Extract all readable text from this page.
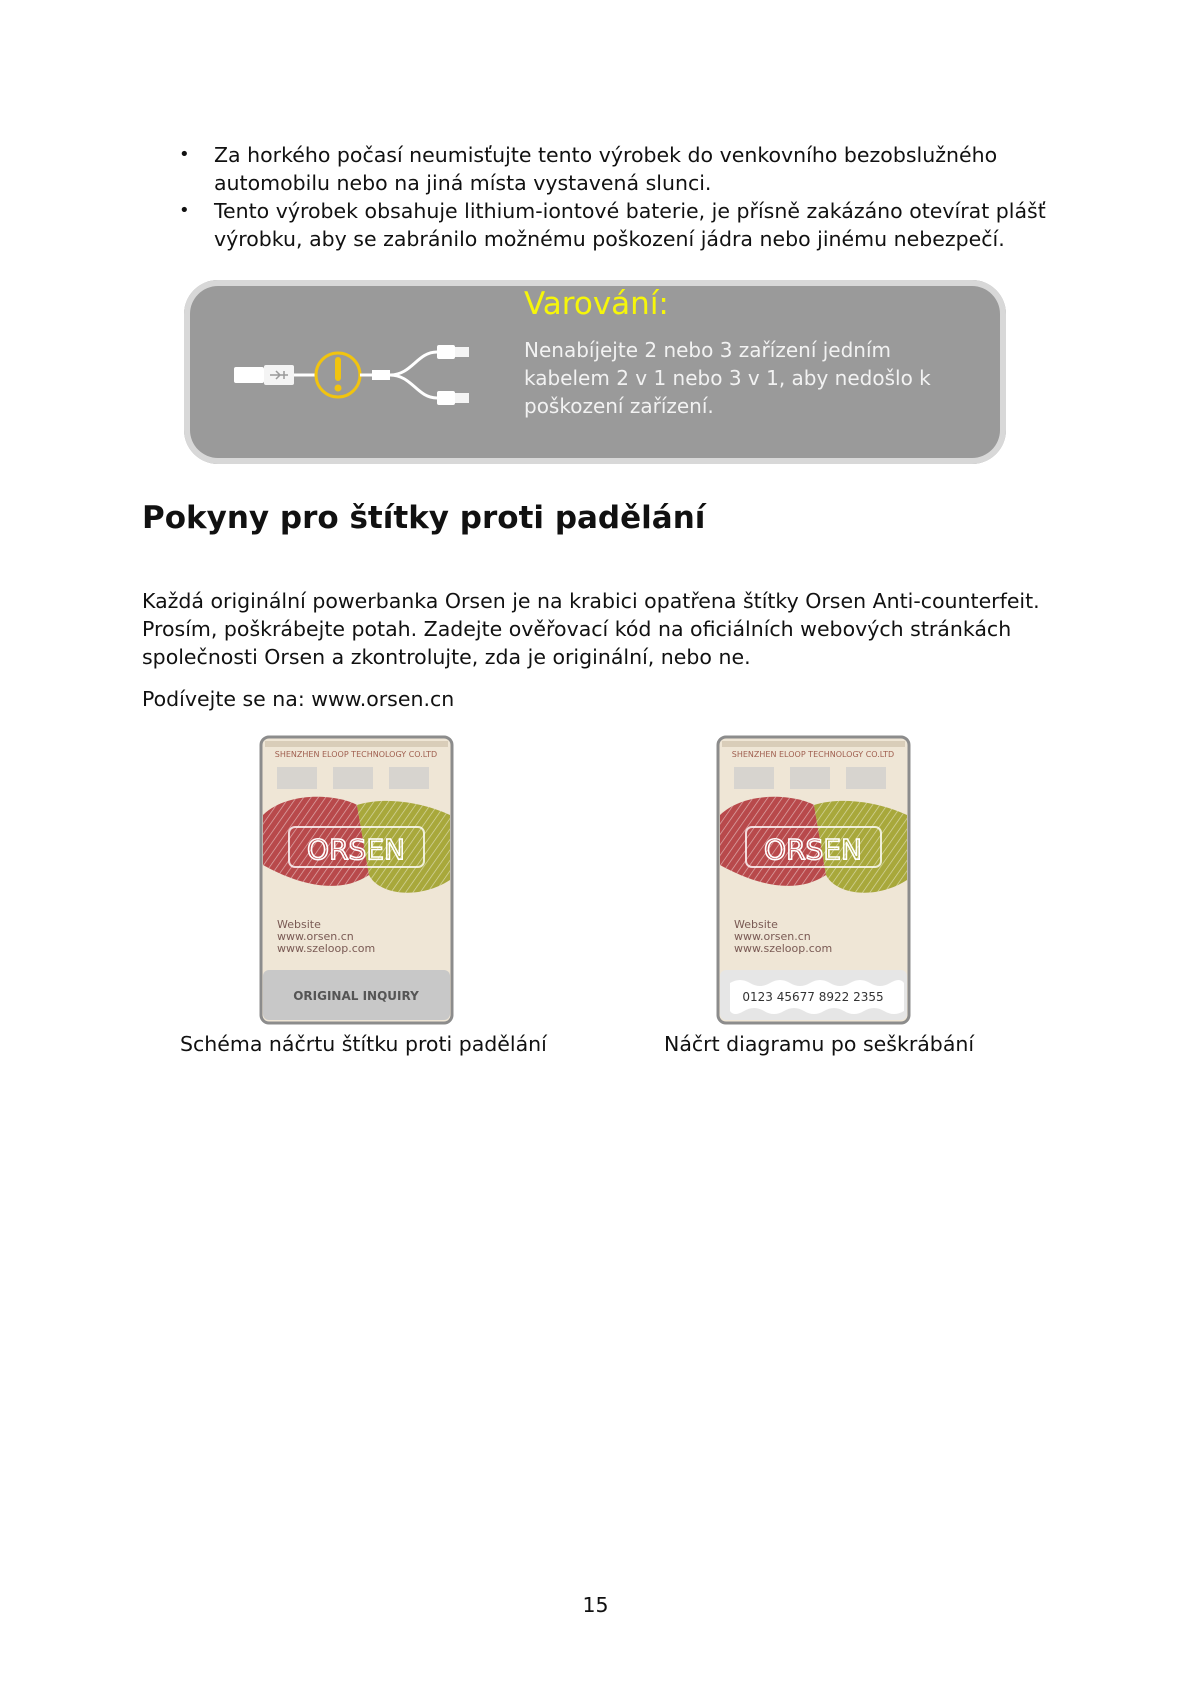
• Za horkého počasí neumisťujte tento výrobek do venkovního bezobslužného automobilu nebo na jiná místa vystavená slunci.
• Tento výrobek obsahuje lithium-iontové baterie, je přísně zakázáno otevírat plášť výrobku, aby se zabránilo možnému poškození jádra nebo jinému nebezpečí.
Varování:
Nenabíjejte 2 nebo 3 zařízení jedním kabelem 2 v 1 nebo 3 v 1, aby nedošlo k poškození zařízení.
Pokyny pro štítky proti padělání

Každá originální powerbanka Orsen je na krabici opatřena štítky Orsen Anti-counterfeit. Prosím, poškrábejte potah. Zadejte ověřovací kód na oficiálních webových stránkách společnosti Orsen a zkontrolujte, zda je originální, nebo ne.

Podívejte se na: www.orsen.cn

SHENZHEN ELOOP TECHNOLOGY CO.LTD
ORSEN
Website
www.orsen.cn
www.szeloop.com
ORIGINAL INQUIRY
SHENZHEN ELOOP TECHNOLOGY CO.LTD
ORSEN
Website
www.orsen.cn
www.szeloop.com
0123 45677 8922 2355
Schéma náčrtu štítku proti padělání	Náčrt diagramu po seškrábání
15
